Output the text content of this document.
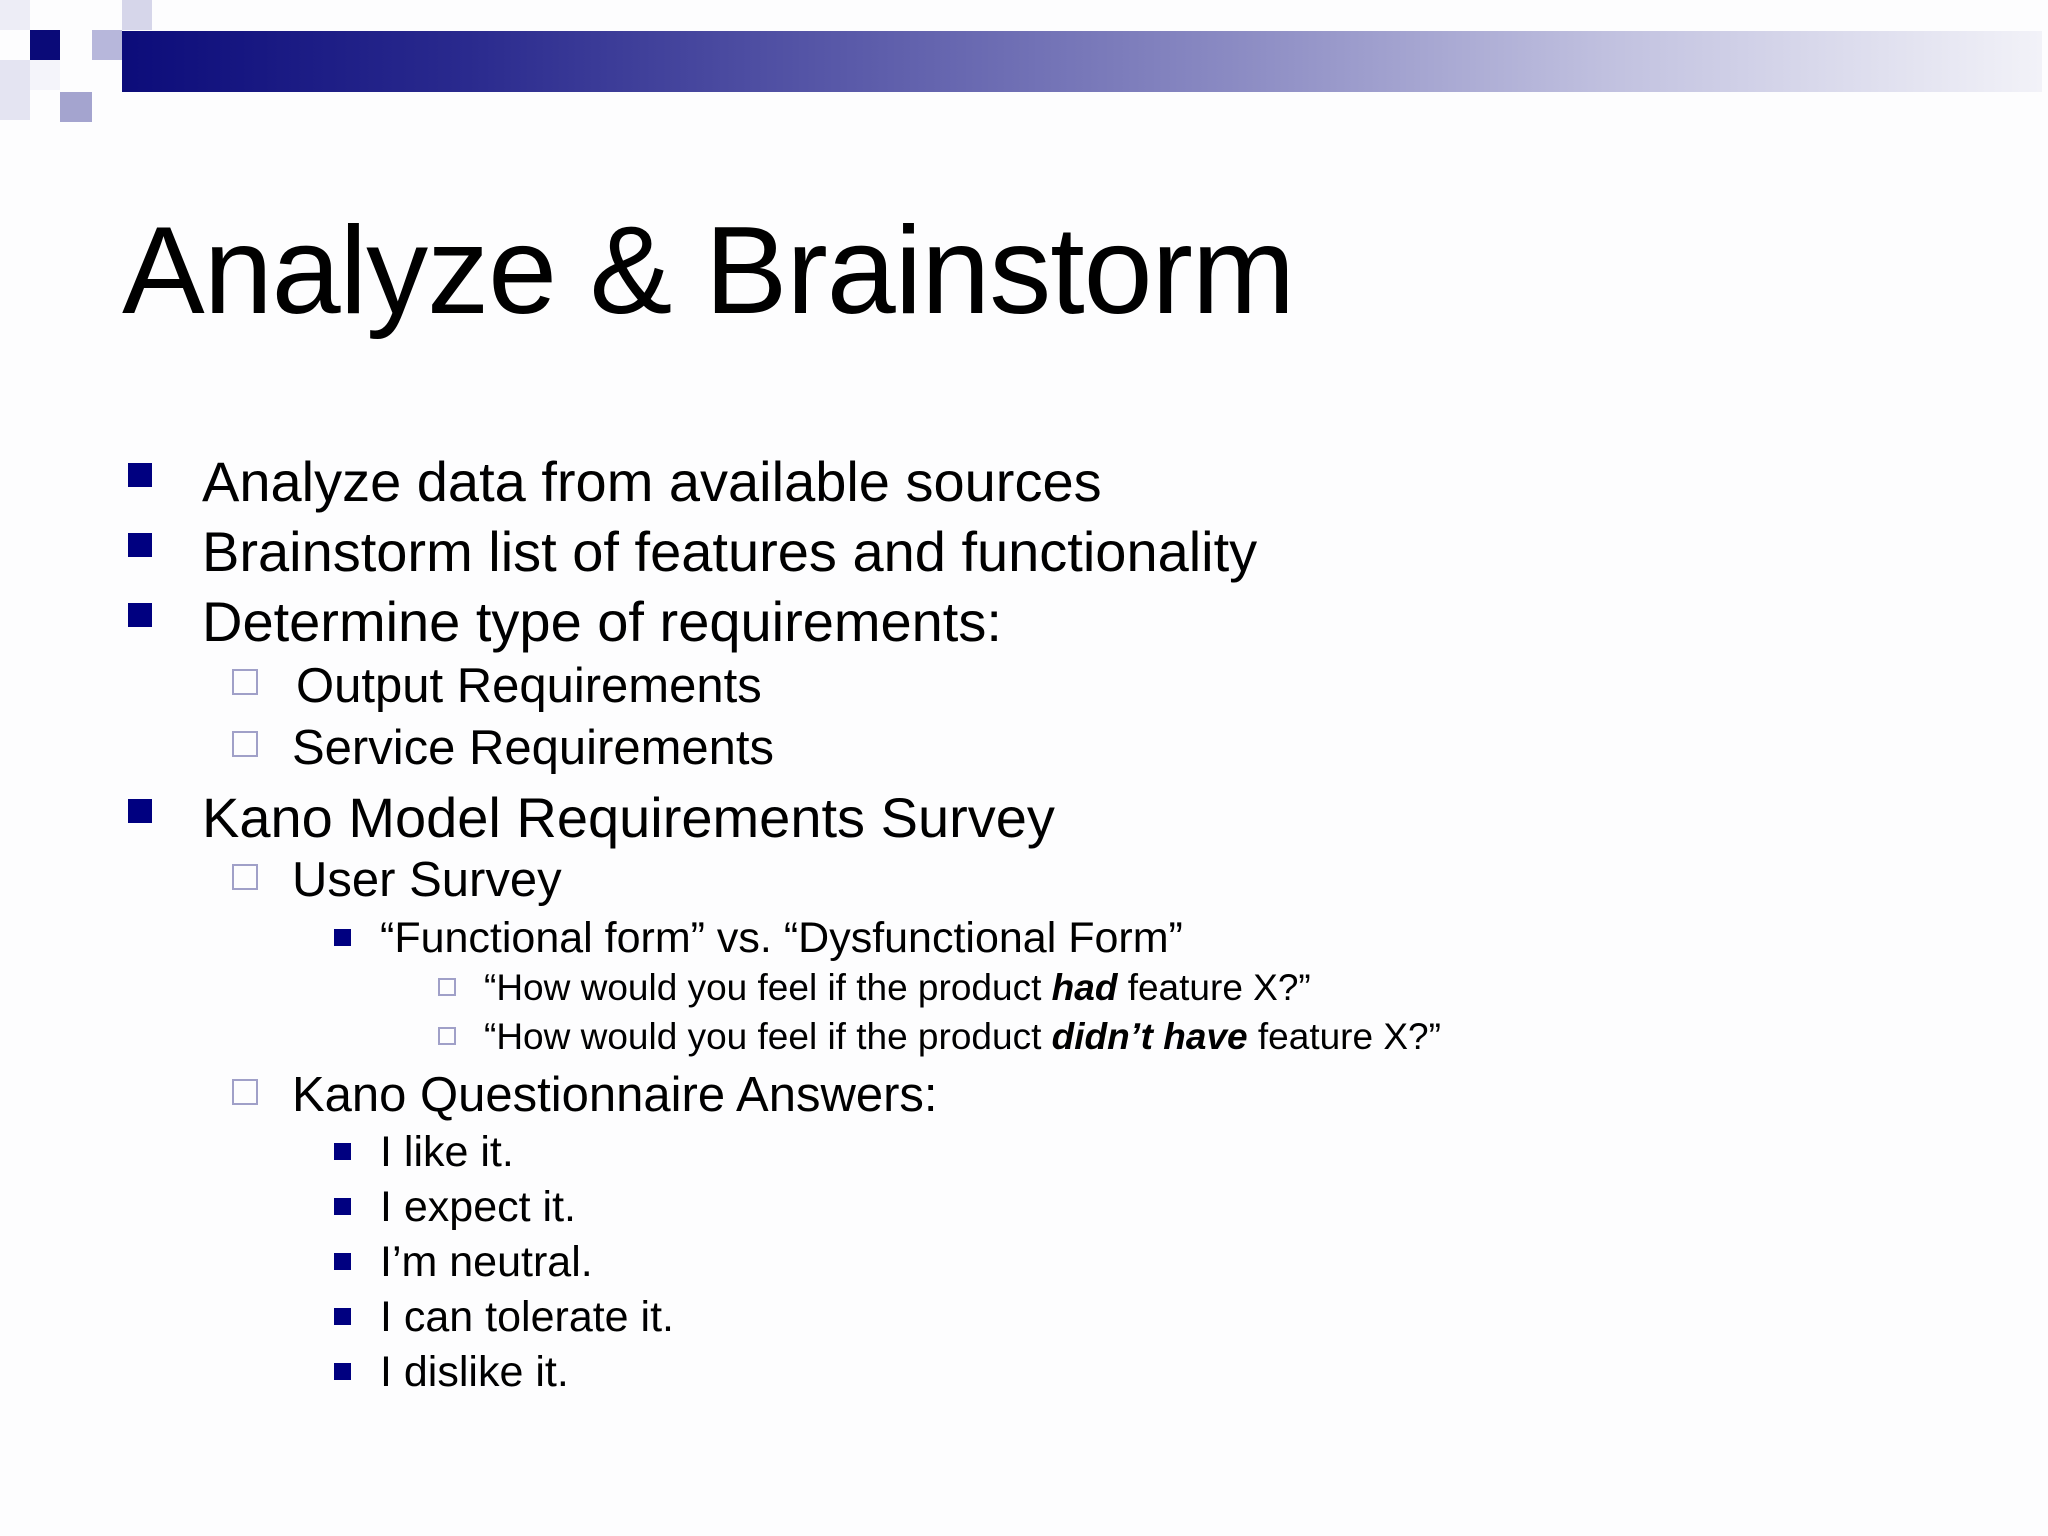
Analyze & Brainstorm
Analyze data from available sources
Brainstorm list of features and functionality
Determine type of requirements:
Output Requirements
Service Requirements
Kano Model Requirements Survey
User Survey
“Functional form” vs. “Dysfunctional Form”
“How would you feel if the product had feature X?”
“How would you feel if the product didn’t have feature X?”
Kano Questionnaire Answers:
I like it.
I expect it.
I’m neutral.
I can tolerate it.
I dislike it.
